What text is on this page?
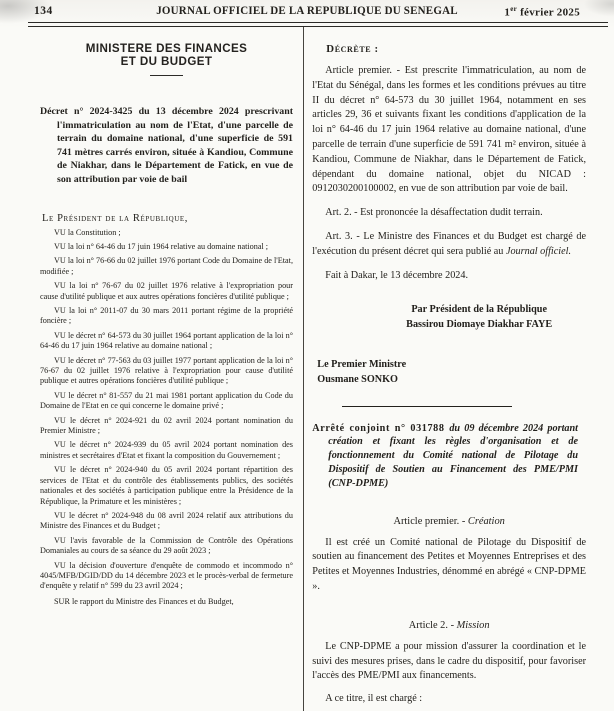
134	JOURNAL OFFICIEL DE LA REPUBLIQUE DU SENEGAL	1er février 2025
MINISTERE DES FINANCES
ET DU BUDGET

Décret n° 2024-3425 du 13 décembre 2024 prescrivant l'immatriculation au nom de l'Etat, d'une parcelle de terrain du domaine national, d'une superficie de 591 741 mètres carrés environ, située à Kandiou, Commune de Niakhar, dans le Département de Fatick, en vue de son attribution par voie de bail

Le Président de la République,

VU la Constitution ;

VU la loi n° 64-46 du 17 juin 1964 relative au domaine national ;

VU la loi n° 76-66 du 02 juillet 1976 portant Code du Domaine de l'Etat, modifiée ;

VU la loi n° 76-67 du 02 juillet 1976 relative à l'expropriation pour cause d'utilité publique et aux autres opérations foncières d'utilité publique ;

VU la loi n° 2011-07 du 30 mars 2011 portant régime de la propriété foncière ;

VU le décret n° 64-573 du 30 juillet 1964 portant application de la loi n° 64-46 du 17 juin 1964 relative au domaine national ;

VU le décret n° 77-563 du 03 juillet 1977 portant application de la loi n° 76-67 du 02 juillet 1976 relative à l'expropriation pour cause d'utilité publique et autres opérations foncières d'utilité publique ;

VU le décret n° 81-557 du 21 mai 1981 portant application du Code du Domaine de l'Etat en ce qui concerne le domaine privé ;

VU le décret n° 2024-921 du 02 avril 2024 portant nomination du Premier Ministre ;

VU le décret n° 2024-939 du 05 avril 2024 portant nomination des ministres et secrétaires d'Etat et fixant la composition du Gouvernement ;

VU le décret n° 2024-940 du 05 avril 2024 portant répartition des services de l'Etat et du contrôle des établissements publics, des sociétés nationales et des sociétés à participation publique entre la Présidence de la République, la Primature et les ministères ;

VU le décret n° 2024-948 du 08 avril 2024 relatif aux attributions du Ministre des Finances et du Budget ;

VU l'avis favorable de la Commission de Contrôle des Opérations Domaniales au cours de sa séance du 29 août 2023 ;

VU la décision d'ouverture d'enquête de commodo et incommodo n° 4045/MFB/DGID/DD du 14 décembre 2023 et le procès-verbal de fermeture d'enquête y relatif n° 599 du 23 avril 2024 ;

SUR le rapport du Ministre des Finances et du Budget,

Décrète :

Article premier. - Est prescrite l'immatriculation, au nom de l'Etat du Sénégal, dans les formes et les conditions prévues au titre II du décret n° 64-573 du 30 juillet 1964, notamment en ses articles 29, 36 et suivants fixant les conditions d'application de la loi n° 64-46 du 17 juin 1964 relative au domaine national, d'une parcelle de terrain d'une superficie de 591 741 m² environ, située à Kandiou, Commune de Niakhar, dans le Département de Fatick, dépendant du domaine national, objet du NICAD : 0912030200100002, en vue de son attribution par voie de bail.

Art. 2. - Est prononcée la désaffectation dudit terrain.

Art. 3. - Le Ministre des Finances et du Budget est chargé de l'exécution du présent décret qui sera publié au Journal officiel.

Fait à Dakar, le 13 décembre 2024.

Par Président de la République
Bassirou Diomaye Diakhar FAYE
Le Premier Ministre
Ousmane SONKO

Arrêté conjoint n° 031788 du 09 décembre 2024 portant création et fixant les règles d'organisation et de fonctionnement du Comité national de Pilotage du Dispositif de Soutien au Financement des PME/PMI (CNP-DPME)

Article premier. - Création

Il est créé un Comité national de Pilotage du Dispositif de soutien au financement des Petites et Moyennes Entreprises et des Petites et Moyennes Industries, dénommé en abrégé « CNP-DPME ».

Article 2. - Mission

Le CNP-DPME a pour mission d'assurer la coordination et le suivi des mesures prises, dans le cadre du dispositif, pour favoriser l'accès des PME/PMI aux financements.

A ce titre, il est chargé :
